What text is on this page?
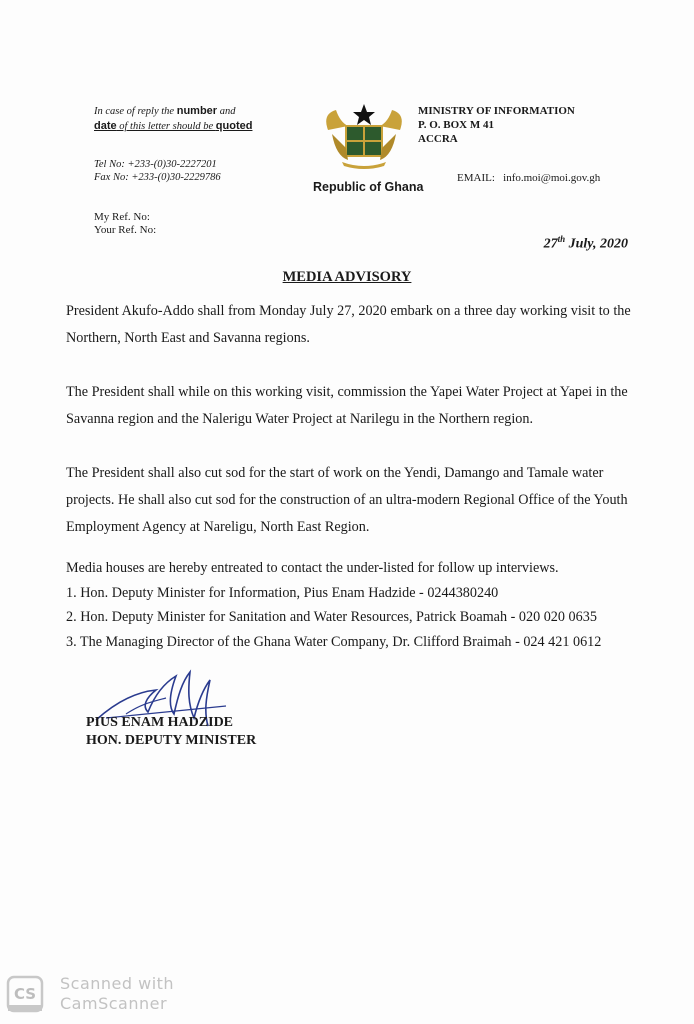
In case of reply the number and
date of this letter should be quoted
Tel No: +233-(0)30-2227201
Fax No: +233-(0)30-2229786
Republic of Ghana
MINISTRY OF INFORMATION
P. O. BOX M 41
ACCRA
EMAIL:   info.moi@moi.gov.gh
My Ref. No:
Your Ref. No:
27th July, 2020
MEDIA ADVISORY
President Akufo-Addo shall from Monday July 27, 2020 embark on a three day working visit to the Northern, North East and Savanna regions.
The President shall while on this working visit, commission the Yapei Water Project at Yapei in the Savanna region and the Nalerigu Water Project at Narilegu in the Northern region.
The President shall also cut sod for the start of work on the Yendi, Damango and Tamale water projects. He shall also cut sod for the construction of an ultra-modern Regional Office of the Youth Employment Agency at Nareligu, North East Region.
Media houses are hereby entreated to contact the under-listed for follow up interviews.
1. Hon. Deputy Minister for Information, Pius Enam Hadzide - 0244380240
2. Hon. Deputy Minister for Sanitation and Water Resources, Patrick Boamah - 020 020 0635
3. The Managing Director of the Ghana Water Company, Dr. Clifford Braimah - 024 421 0612
PIUS ENAM HADZIDE
HON. DEPUTY MINISTER
CS
Scanned with
CamScanner
